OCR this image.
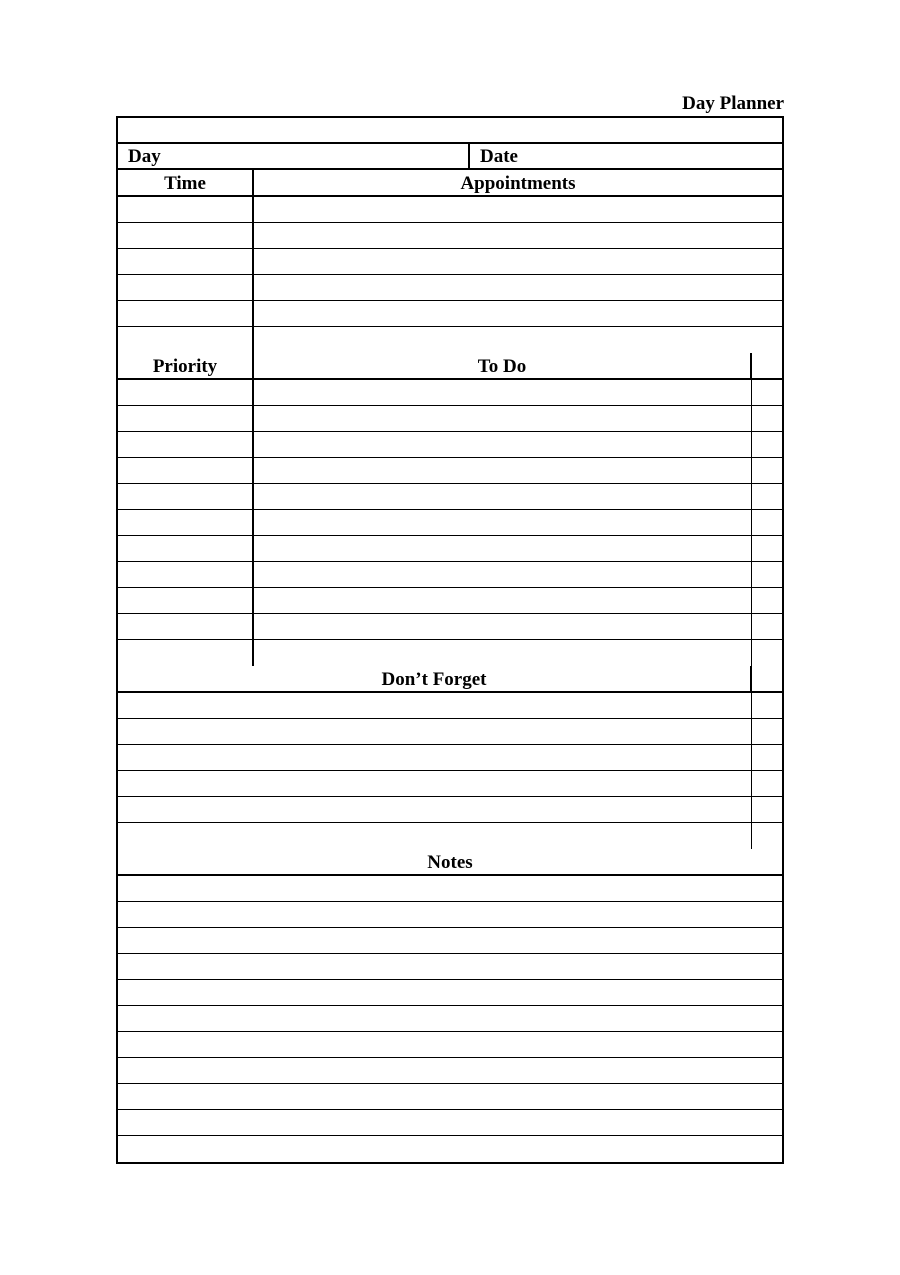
Day Planner
Day	Date
Time	Appointments
Priority	To Do
Don’t Forget
Notes
